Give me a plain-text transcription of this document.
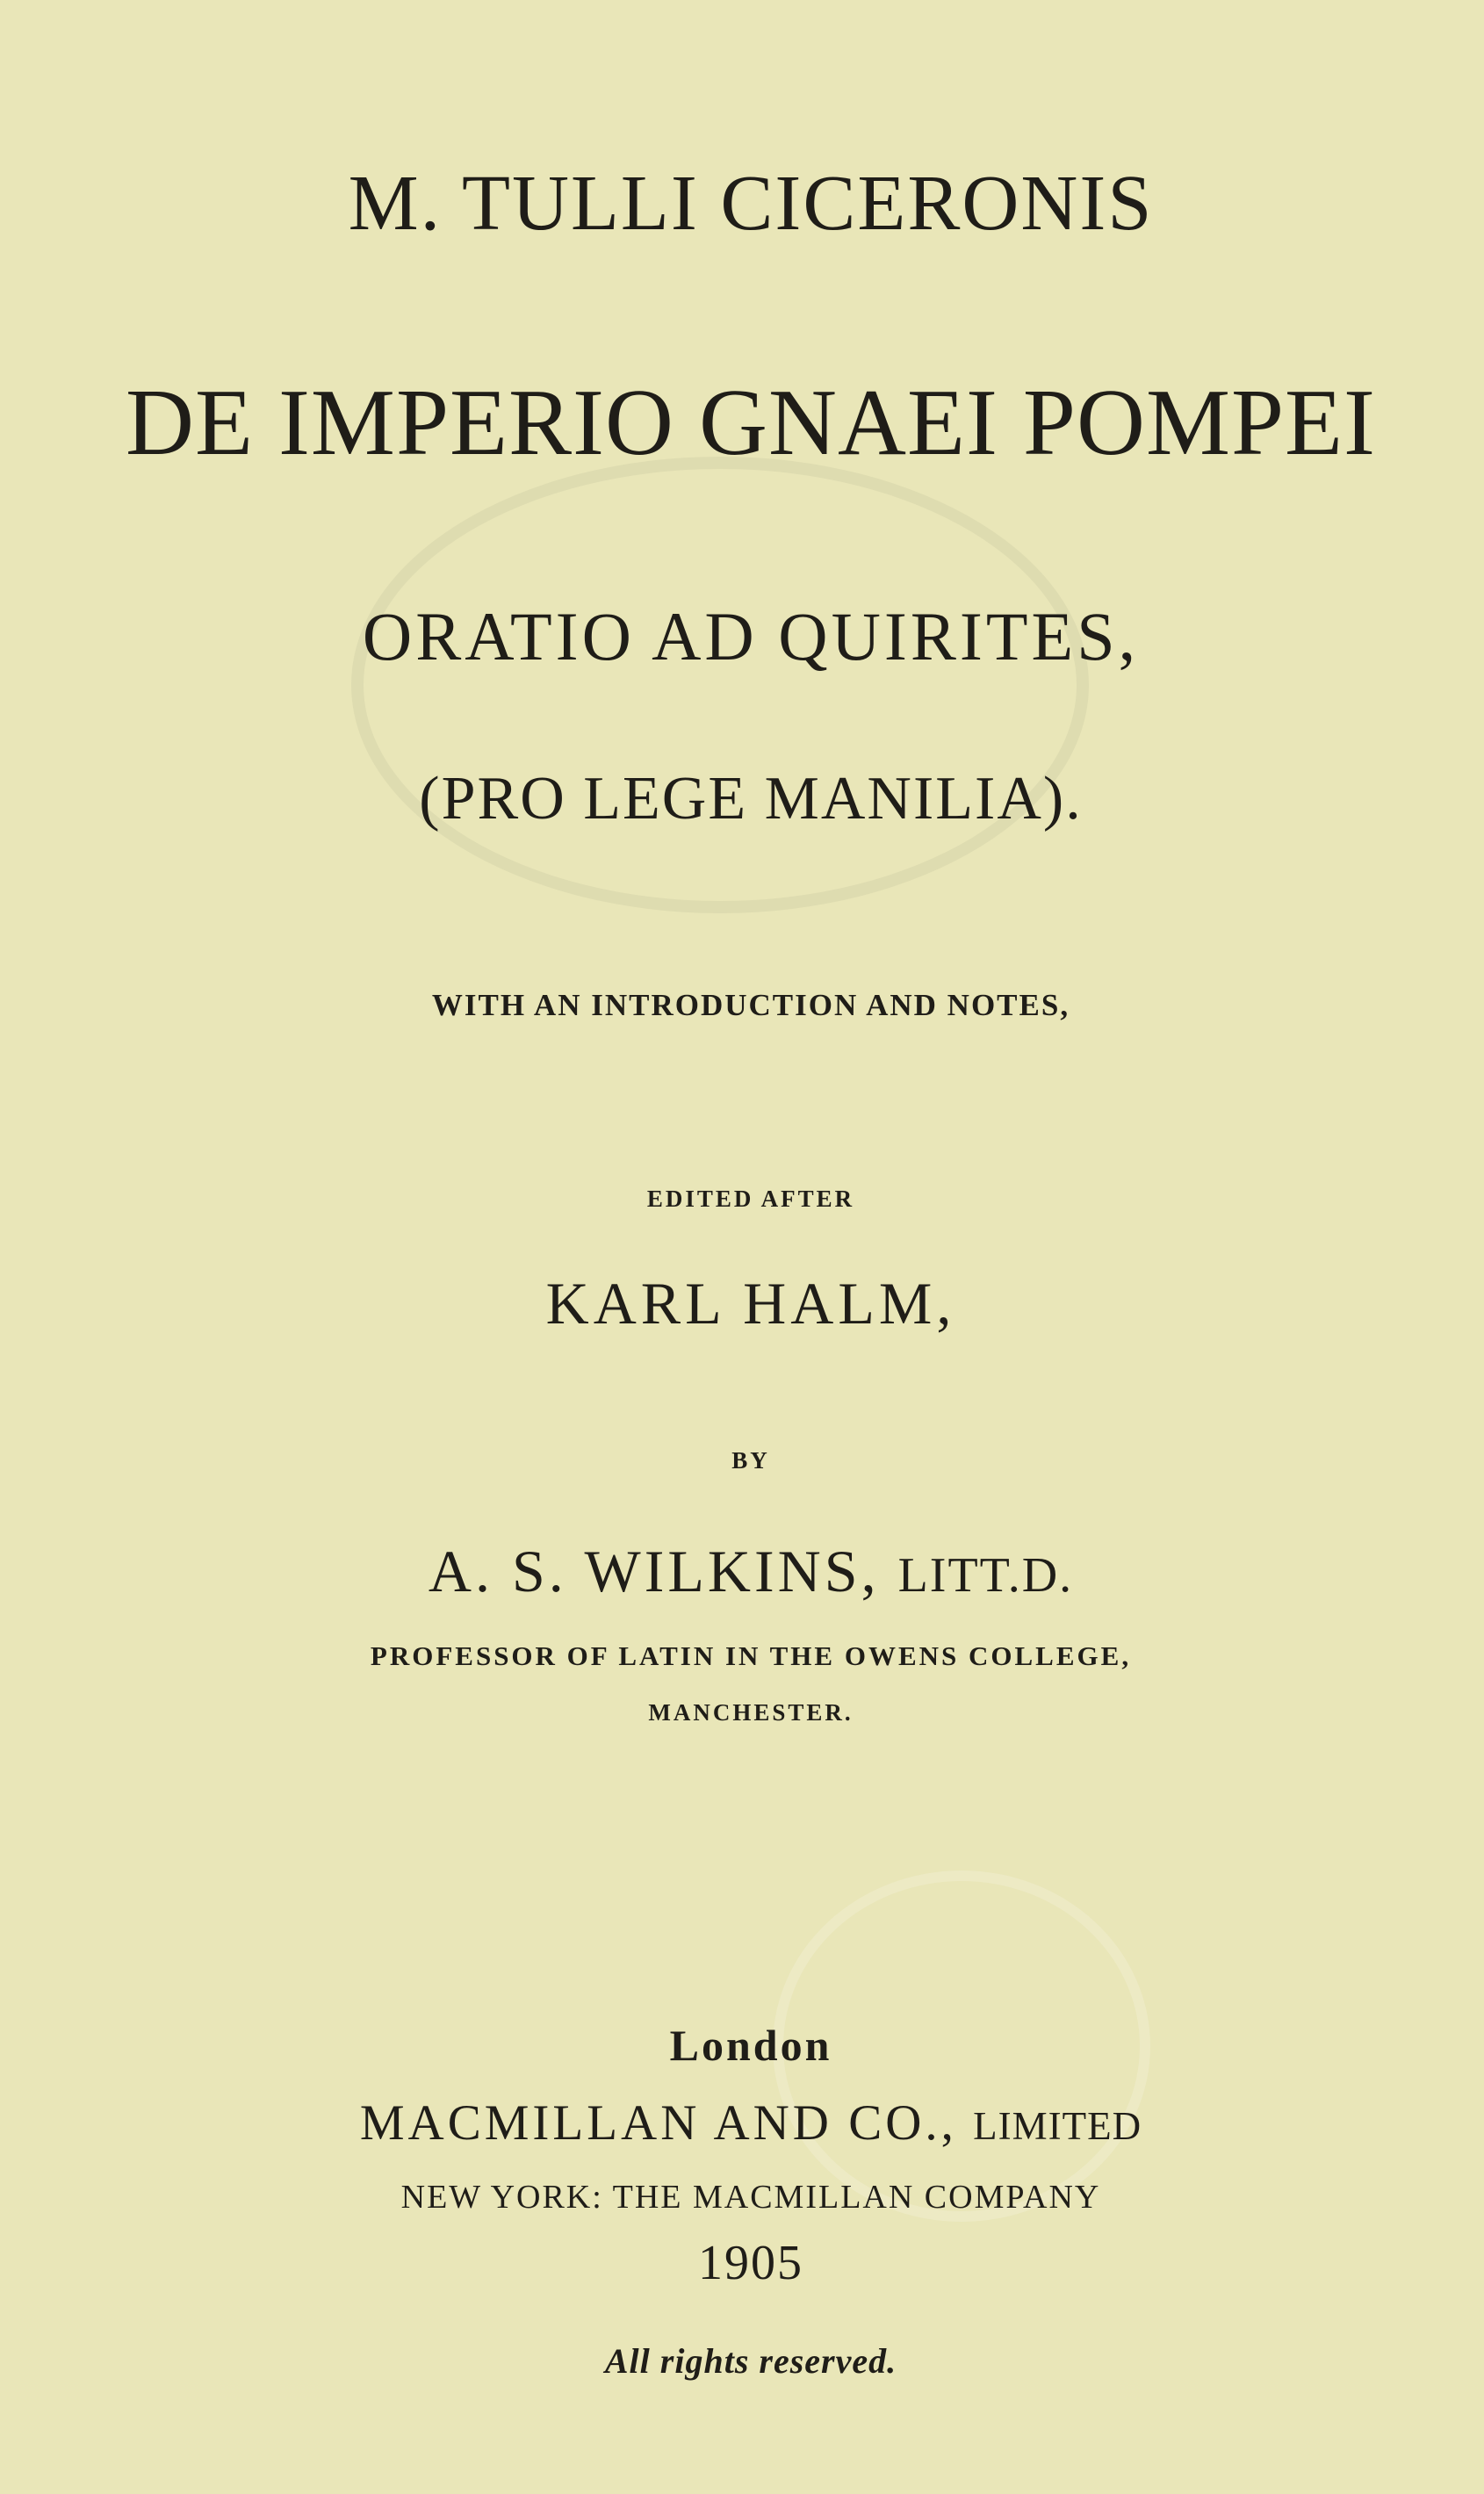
M. TULLI CICERONIS
DE IMPERIO GNAEI POMPEI
ORATIO AD QUIRITES,
(PRO LEGE MANILIA).
WITH AN INTRODUCTION AND NOTES,
EDITED AFTER
KARL HALM,
BY
A. S. WILKINS, LITT.D.
PROFESSOR OF LATIN IN THE OWENS COLLEGE,
MANCHESTER.
London
MACMILLAN AND CO., LIMITED
NEW YORK: THE MACMILLAN COMPANY
1905
All rights reserved.
